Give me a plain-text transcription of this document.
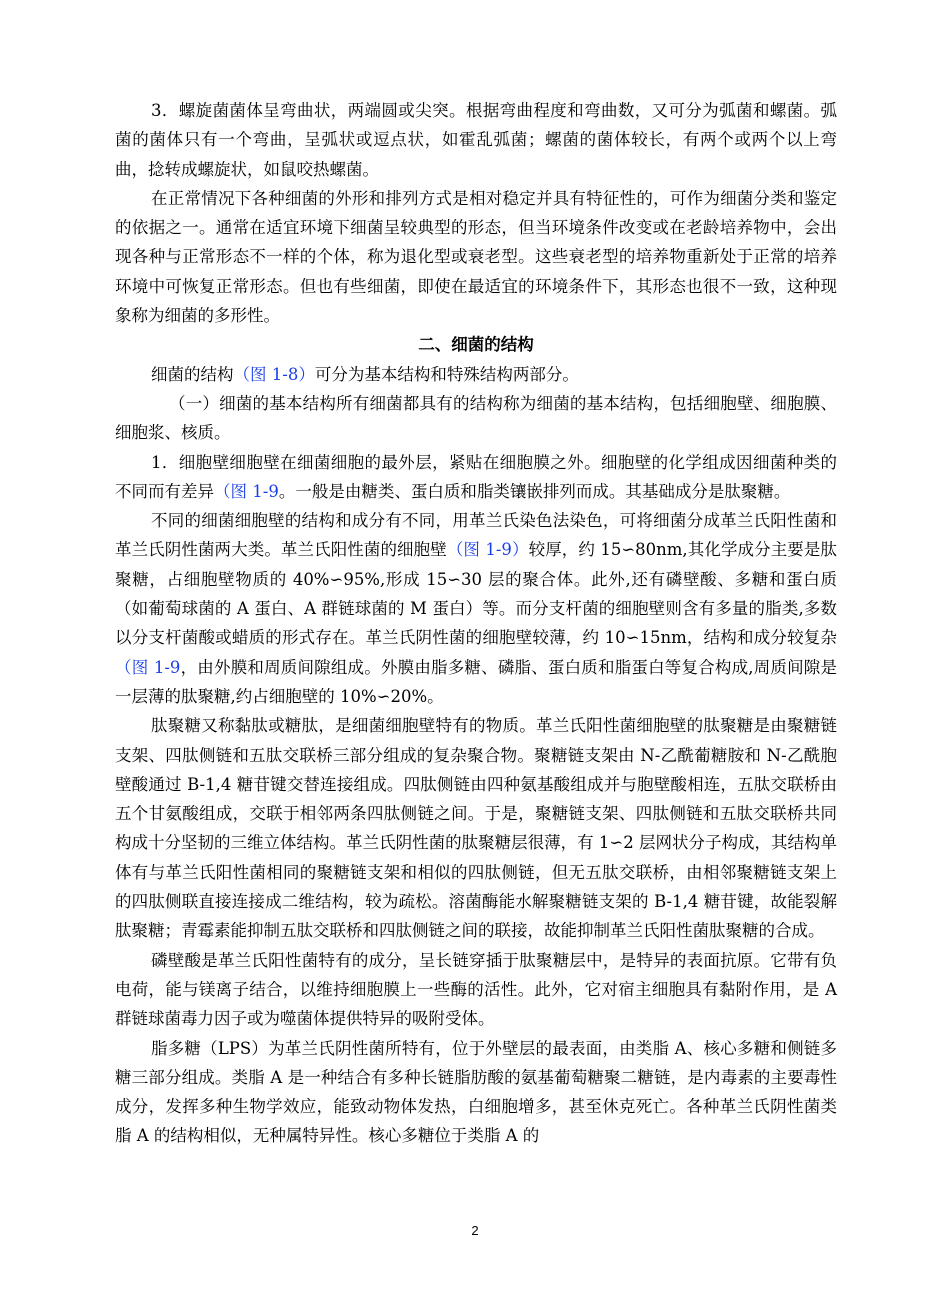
3．螺旋菌菌体呈弯曲状，两端圆或尖突。根据弯曲程度和弯曲数，又可分为弧菌和螺菌。弧菌的菌体只有一个弯曲，呈弧状或逗点状，如霍乱弧菌；螺菌的菌体较长，有两个或两个以上弯曲，捻转成螺旋状，如鼠咬热螺菌。

在正常情况下各种细菌的外形和排列方式是相对稳定并具有特征性的，可作为细菌分类和鉴定的依据之一。通常在适宜环境下细菌呈较典型的形态，但当环境条件改变或在老龄培养物中，会出现各种与正常形态不一样的个体，称为退化型或衰老型。这些衰老型的培养物重新处于正常的培养环境中可恢复正常形态。但也有些细菌，即使在最适宜的环境条件下，其形态也很不一致，这种现象称为细菌的多形性。

二、细菌的结构

细菌的结构（图 1-8）可分为基本结构和特殊结构两部分。

（一）细菌的基本结构所有细菌都具有的结构称为细菌的基本结构，包括细胞壁、细胞膜、细胞浆、核质。

1．细胞壁细胞壁在细菌细胞的最外层，紧贴在细胞膜之外。细胞壁的化学组成因细菌种类的不同而有差异（图 1-9。一般是由糖类、蛋白质和脂类镶嵌排列而成。其基础成分是肽聚糖。

不同的细菌细胞壁的结构和成分有不同，用革兰氏染色法染色，可将细菌分成革兰氏阳性菌和革兰氏阴性菌两大类。革兰氏阳性菌的细胞壁（图 1-9）较厚，约 15∽80nm,其化学成分主要是肽聚糖，占细胞壁物质的 40%∽95%,形成 15∽30 层的聚合体。此外,还有磷壁酸、多糖和蛋白质（如葡萄球菌的 A 蛋白、A 群链球菌的 M 蛋白）等。而分支杆菌的细胞壁则含有多量的脂类,多数以分支杆菌酸或蜡质的形式存在。革兰氏阴性菌的细胞壁较薄，约 10∽15nm，结构和成分较复杂（图 1-9，由外膜和周质间隙组成。外膜由脂多糖、磷脂、蛋白质和脂蛋白等复合构成,周质间隙是一层薄的肽聚糖,约占细胞壁的 10%∽20%。

肽聚糖又称黏肽或糖肽，是细菌细胞壁特有的物质。革兰氏阳性菌细胞壁的肽聚糖是由聚糖链支架、四肽侧链和五肽交联桥三部分组成的复杂聚合物。聚糖链支架由 N-乙酰葡糖胺和 N-乙酰胞壁酸通过 B-1,4 糖苷键交替连接组成。四肽侧链由四种氨基酸组成并与胞壁酸相连，五肽交联桥由五个甘氨酸组成，交联于相邻两条四肽侧链之间。于是，聚糖链支架、四肽侧链和五肽交联桥共同构成十分坚韧的三维立体结构。革兰氏阴性菌的肽聚糖层很薄，有 1∽2 层网状分子构成，其结构单体有与革兰氏阳性菌相同的聚糖链支架和相似的四肽侧链，但无五肽交联桥，由相邻聚糖链支架上的四肽侧联直接连接成二维结构，较为疏松。溶菌酶能水解聚糖链支架的 B-1,4 糖苷键，故能裂解肽聚糖；青霉素能抑制五肽交联桥和四肽侧链之间的联接，故能抑制革兰氏阳性菌肽聚糖的合成。

磷壁酸是革兰氏阳性菌特有的成分，呈长链穿插于肽聚糖层中，是特异的表面抗原。它带有负电荷，能与镁离子结合，以维持细胞膜上一些酶的活性。此外，它对宿主细胞具有黏附作用，是 A 群链球菌毒力因子或为噬菌体提供特异的吸附受体。

脂多糖（LPS）为革兰氏阴性菌所特有，位于外壁层的最表面，由类脂 A、核心多糖和侧链多糖三部分组成。类脂 A 是一种结合有多种长链脂肪酸的氨基葡萄糖聚二糖链，是内毒素的主要毒性成分，发挥多种生物学效应，能致动物体发热，白细胞增多，甚至休克死亡。各种革兰氏阴性菌类脂 A 的结构相似，无种属特异性。核心多糖位于类脂 A 的

2
